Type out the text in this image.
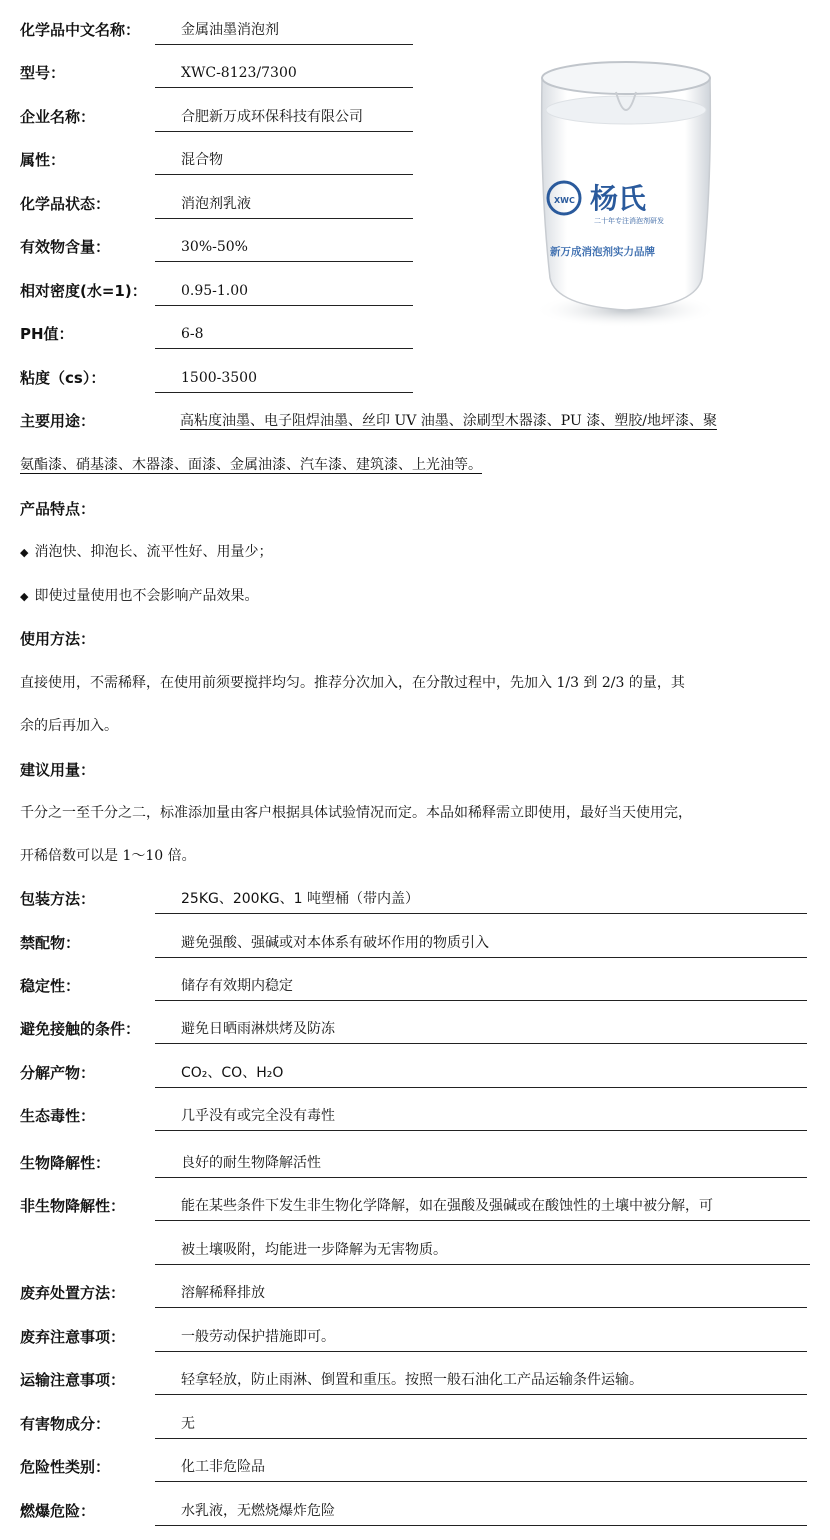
化学品中文名称：	金属油墨消泡剂
型号：	XWC-8123/7300
企业名称：	合肥新万成环保科技有限公司
属性：	混合物
化学品状态：	消泡剂乳液
有效物含量：	30%-50%
相对密度(水=1)：	0.95-1.00
PH值：	6-8
粘度（cs）：	1500-3500
XWC 杨氏
二十年专注消泡剂研发
新万成消泡剂实力品牌
主要用途：	高粘度油墨、电子阻焊油墨、丝印 UV 油墨、涂刷型木器漆、PU 漆、塑胶/地坪漆、聚
氨酯漆、硝基漆、木器漆、面漆、金属油漆、汽车漆、建筑漆、上光油等。
产品特点：
◆ 消泡快、抑泡长、流平性好、用量少；
◆ 即使过量使用也不会影响产品效果。
使用方法：
直接使用，不需稀释，在使用前须要搅拌均匀。推荐分次加入，在分散过程中，先加入 1/3 到 2/3 的量，其
余的后再加入。
建议用量：
千分之一至千分之二，标准添加量由客户根据具体试验情况而定。本品如稀释需立即使用，最好当天使用完，
开稀倍数可以是 1～10 倍。
包装方法：	25KG、200KG、1 吨塑桶（带内盖）
禁配物：	避免强酸、强碱或对本体系有破坏作用的物质引入
稳定性：	储存有效期内稳定
避免接触的条件：	避免日晒雨淋烘烤及防冻
分解产物：	CO₂、CO、H₂O
生态毒性：	几乎没有或完全没有毒性
生物降解性：	良好的耐生物降解活性
非生物降解性：	能在某些条件下发生非生物化学降解，如在强酸及强碱或在酸蚀性的土壤中被分解，可
被土壤吸附，均能进一步降解为无害物质。
废弃处置方法：	溶解稀释排放
废弃注意事项：	一般劳动保护措施即可。
运输注意事项：	轻拿轻放，防止雨淋、倒置和重压。按照一般石油化工产品运输条件运输。
有害物成分：	无
危险性类别：	化工非危险品
燃爆危险：	水乳液，无燃烧爆炸危险
